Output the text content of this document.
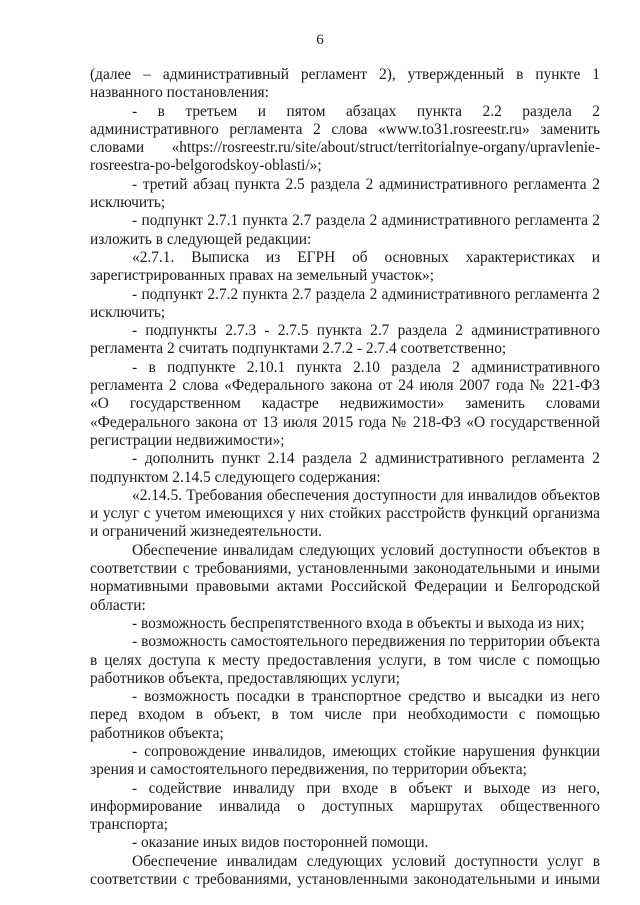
6
(далее – административный регламент 2), утвержденный в пункте 1
названного постановления:
- в третьем и пятом абзацах пункта 2.2 раздела 2
административного регламента 2 слова «www.to31.rosreestr.ru» заменить
словами «https://rosreestr.ru/site/about/struct/territorialnye-organy/upravlenie-
rosreestra-po-belgorodskoy-oblasti/»;
- третий абзац пункта 2.5 раздела 2 административного регламента 2
исключить;
- подпункт 2.7.1 пункта 2.7 раздела 2 административного регламента 2
изложить в следующей редакции:
«2.7.1. Выписка из ЕГРН об основных характеристиках и
зарегистрированных правах на земельный участок»;
- подпункт 2.7.2 пункта 2.7 раздела 2 административного регламента 2
исключить;
- подпункты 2.7.3 - 2.7.5 пункта 2.7 раздела 2 административного
регламента 2 считать подпунктами 2.7.2 - 2.7.4 соответственно;
- в подпункте 2.10.1 пункта 2.10 раздела 2 административного
регламента 2 слова «Федерального закона от 24 июля 2007 года № 221-ФЗ
«О государственном кадастре недвижимости» заменить словами
«Федерального закона от 13 июля 2015 года № 218-ФЗ «О государственной
регистрации недвижимости»;
- дополнить пункт 2.14 раздела 2 административного регламента 2
подпунктом 2.14.5 следующего содержания:
«2.14.5. Требования обеспечения доступности для инвалидов объектов
и услуг с учетом имеющихся у них стойких расстройств функций организма
и ограничений жизнедеятельности.
Обеспечение инвалидам следующих условий доступности объектов в
соответствии с требованиями, установленными законодательными и иными
нормативными правовыми актами Российской Федерации и Белгородской
области:
- возможность беспрепятственного входа в объекты и выхода из них;
- возможность самостоятельного передвижения по территории объекта
в целях доступа к месту предоставления услуги, в том числе с помощью
работников объекта, предоставляющих услуги;
- возможность посадки в транспортное средство и высадки из него
перед входом в объект, в том числе при необходимости с помощью
работников объекта;
- сопровождение инвалидов, имеющих стойкие нарушения функции
зрения и самостоятельного передвижения, по территории объекта;
- содействие инвалиду при входе в объект и выходе из него,
информирование инвалида о доступных маршрутах общественного
транспорта;
- оказание иных видов посторонней помощи.
Обеспечение инвалидам следующих условий доступности услуг в
соответствии с требованиями, установленными законодательными и иными
